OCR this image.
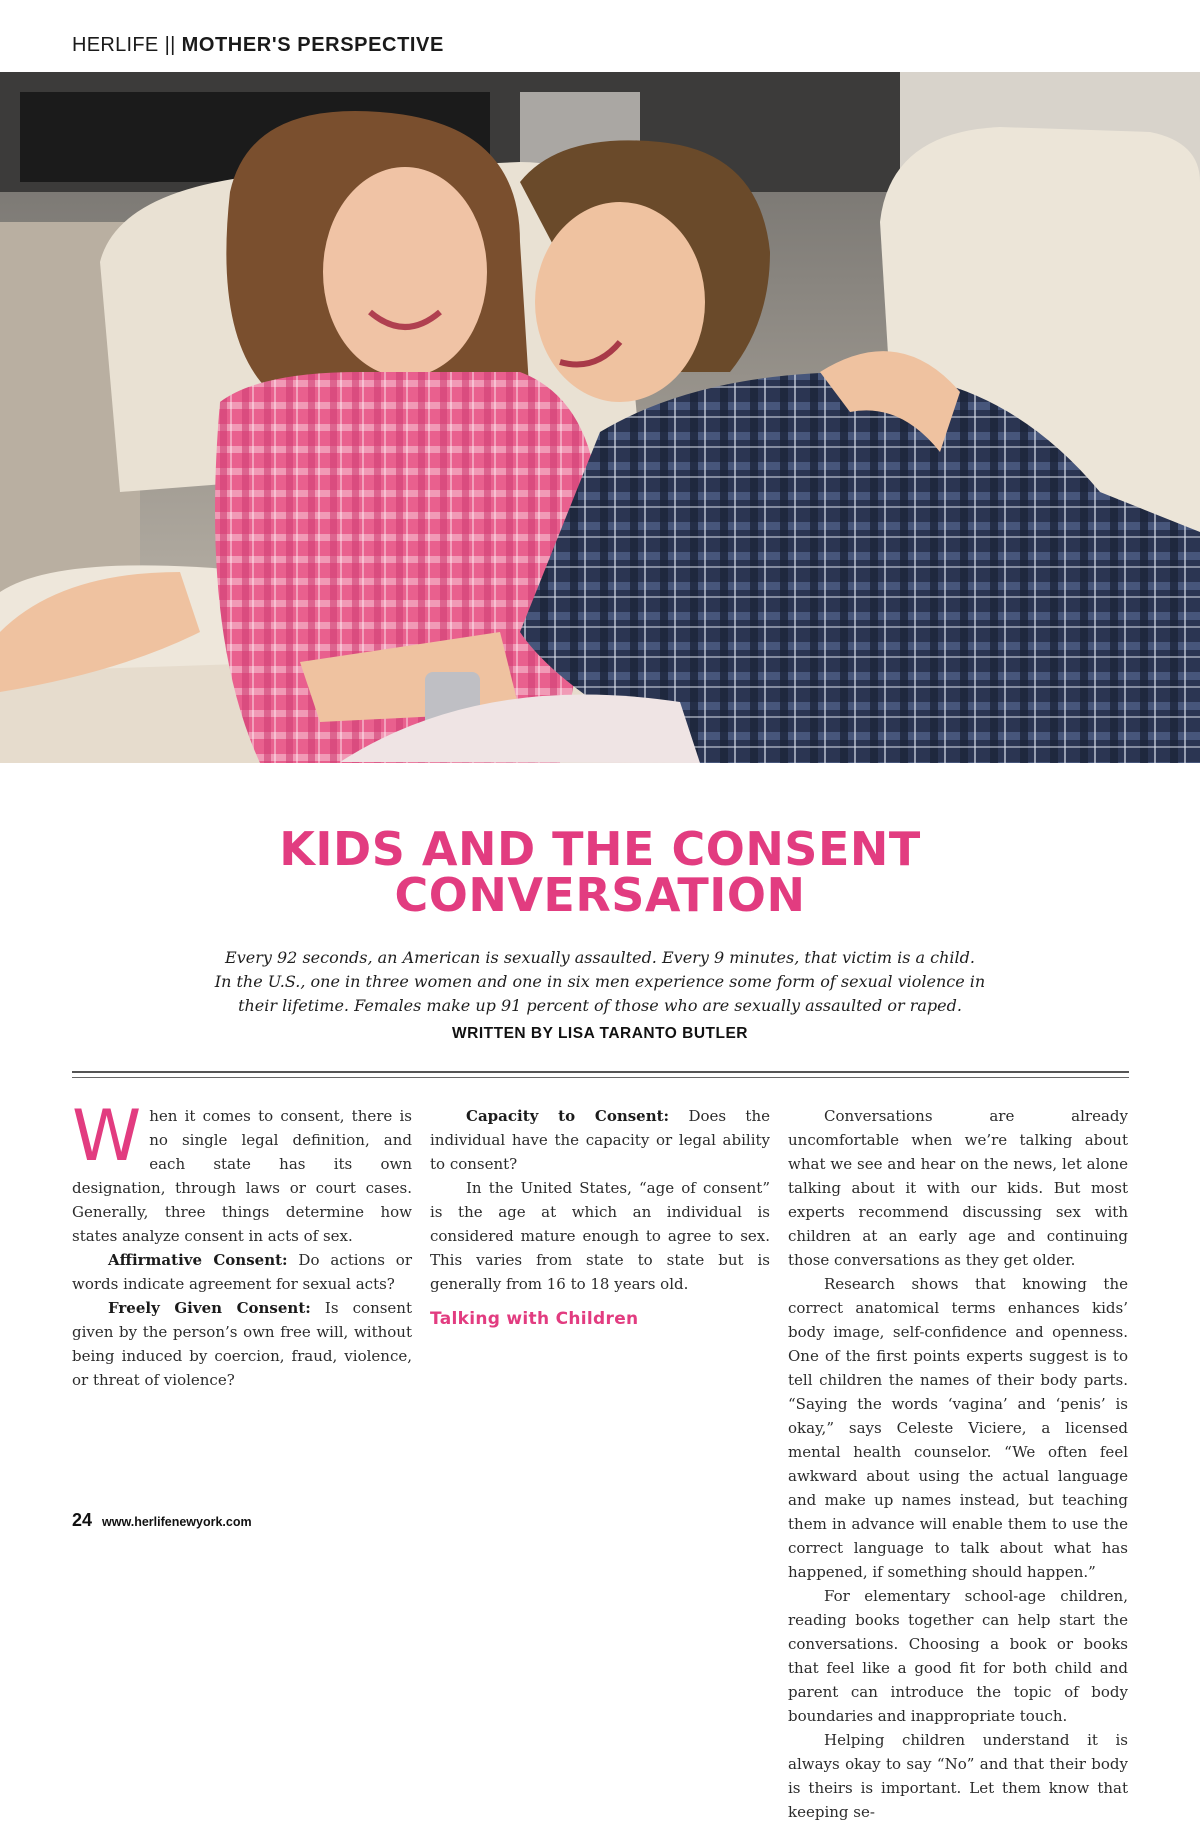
HERLIFE || MOTHER'S PERSPECTIVE
KIDS AND THE CONSENT
CONVERSATION
Every 92 seconds, an American is sexually assaulted. Every 9 minutes, that victim is a child.
In the U.S., one in three women and one in six men experience some form of sexual violence in
their lifetime. Females make up 91 percent of those who are sexually assaulted or raped.
WRITTEN BY LISA TARANTO BUTLER

When it comes to consent, there is no single legal definition, and each state has its own designation, through laws or court cases. Generally, three things determine how states analyze consent in acts of sex.

Affirmative Consent: Do actions or words indicate agreement for sexual acts?

Freely Given Consent: Is consent given by the person’s own free will, without being induced by coercion, fraud, violence, or threat of violence?

Capacity to Consent: Does the individual have the capacity or legal ability to consent?

In the United States, “age of consent” is the age at which an individual is considered mature enough to agree to sex. This varies from state to state but is generally from 16 to 18 years old.

Talking with Children

Conversations are already uncomfortable when we’re talking about what we see and hear on the news, let alone talking about it with our kids. But most experts recommend discussing sex with children at an early age and continuing those conversations as they get older.

Research shows that knowing the correct anatomical terms enhances kids’ body image, self-confidence and openness. One of the first points experts suggest is to tell children the names of their body parts. “Saying the words ‘vagina’ and ‘penis’ is okay,” says Celeste Viciere, a licensed mental health counselor. “We often feel awkward about using the actual language and make up names instead, but teaching them in advance will enable them to use the correct language to talk about what has happened, if something should happen.”

For elementary school-age children, reading books together can help start the conversations. Choosing a book or books that feel like a good fit for both child and parent can introduce the topic of body boundaries and inappropriate touch.

Helping children understand it is always okay to say “No” and that their body is theirs is important. Let them know that keeping se-

24 www.herlifenewyork.com
